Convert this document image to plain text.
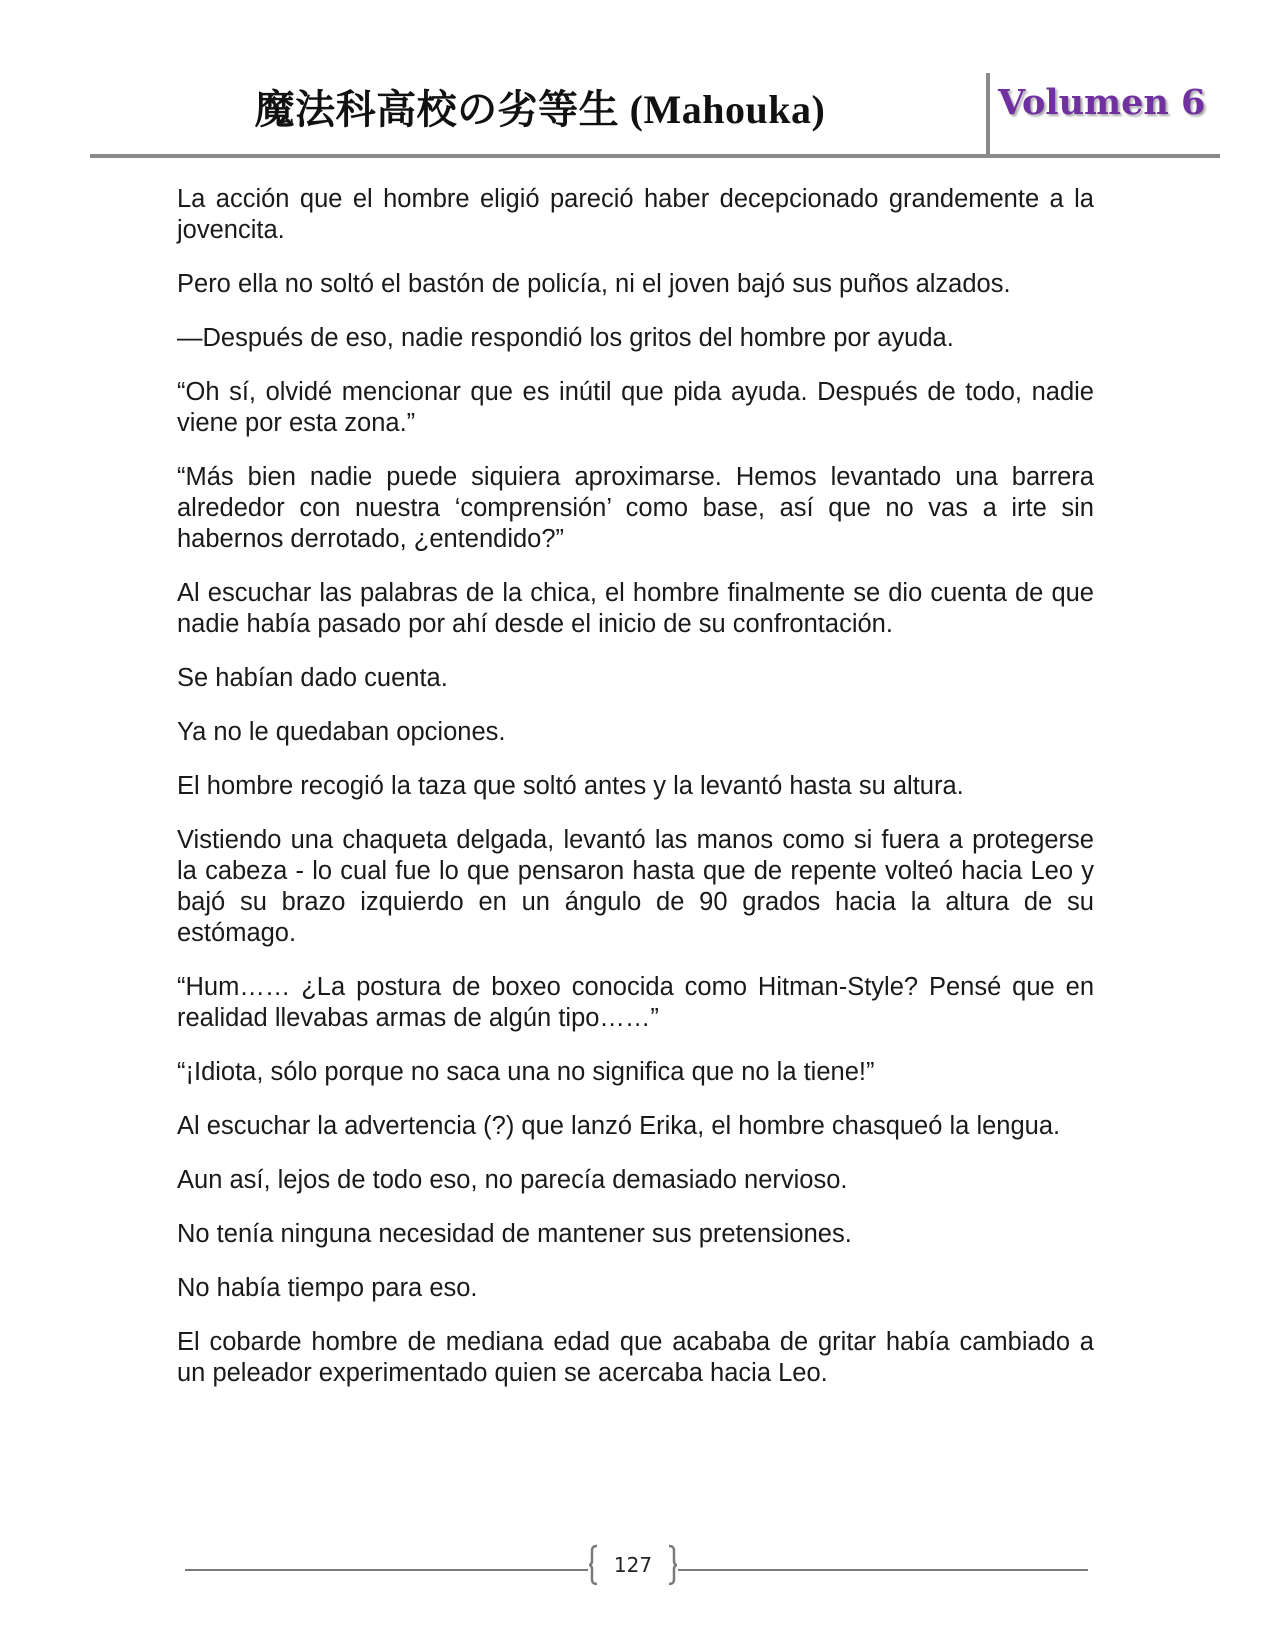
魔法科高校の劣等生 (Mahouka)	Volumen 6

La acción que el hombre eligió pareció haber decepcionado grandemente a la jovencita.

Pero ella no soltó el bastón de policía, ni el joven bajó sus puños alzados.

—Después de eso, nadie respondió los gritos del hombre por ayuda.

“Oh sí, olvidé mencionar que es inútil que pida ayuda. Después de todo, nadie viene por esta zona.”

“Más bien nadie puede siquiera aproximarse. Hemos levantado una barrera alrededor con nuestra ‘comprensión’ como base, así que no vas a irte sin habernos derrotado, ¿entendido?”

Al escuchar las palabras de la chica, el hombre finalmente se dio cuenta de que nadie había pasado por ahí desde el inicio de su confrontación.

Se habían dado cuenta.

Ya no le quedaban opciones.

El hombre recogió la taza que soltó antes y la levantó hasta su altura.

Vistiendo una chaqueta delgada, levantó las manos como si fuera a protegerse la cabeza - lo cual fue lo que pensaron hasta que de repente volteó hacia Leo y bajó su brazo izquierdo en un ángulo de 90 grados hacia la altura de su estómago.

“Hum…… ¿La postura de boxeo conocida como Hitman-Style? Pensé que en realidad llevabas armas de algún tipo……”

“¡Idiota, sólo porque no saca una no significa que no la tiene!”

Al escuchar la advertencia (?) que lanzó Erika, el hombre chasqueó la lengua.

Aun así, lejos de todo eso, no parecía demasiado nervioso.

No tenía ninguna necesidad de mantener sus pretensiones.

No había tiempo para eso.

El cobarde hombre de mediana edad que acababa de gritar había cambiado a un peleador experimentado quien se acercaba hacia Leo.

127
